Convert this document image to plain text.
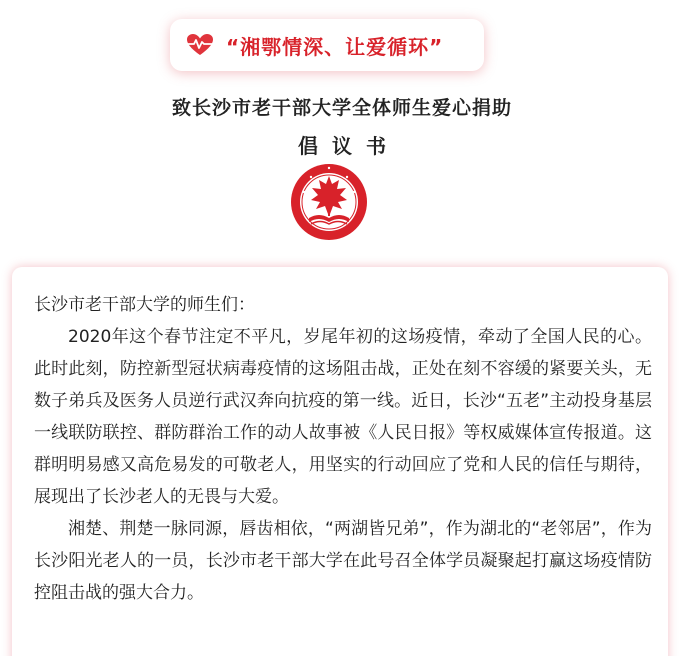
“湘鄂情深、让爱循环”
致长沙市老干部大学全体师生爱心捐助
倡议书

长沙市老干部大学的师生们：

2020年这个春节注定不平凡，岁尾年初的这场疫情，牵动了全国人民的心。此时此刻，防控新型冠状病毒疫情的这场阻击战，正处在刻不容缓的紧要关头，无数子弟兵及医务人员逆行武汉奔向抗疫的第一线。近日，长沙“五老”主动投身基层一线联防联控、群防群治工作的动人故事被《人民日报》等权威媒体宣传报道。这群明明易感又高危易发的可敬老人，用坚实的行动回应了党和人民的信任与期待，展现出了长沙老人的无畏与大爱。

湘楚、荆楚一脉同源，唇齿相依，“两湖皆兄弟”，作为湖北的“老邻居”，作为长沙阳光老人的一员，长沙市老干部大学在此号召全体学员凝聚起打赢这场疫情防控阻击战的强大合力。
